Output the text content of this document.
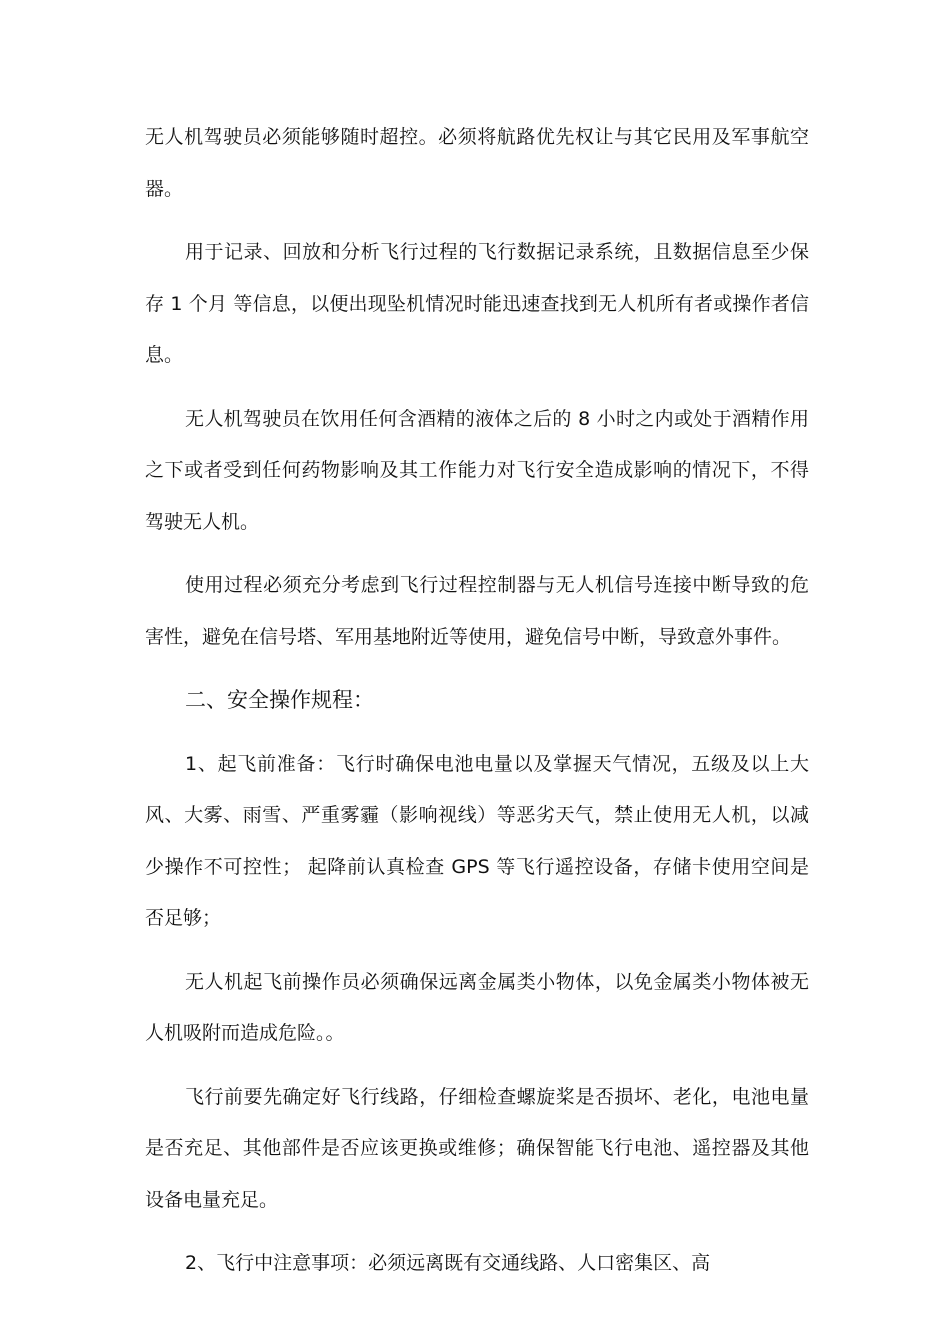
无人机驾驶员必须能够随时超控。必须将航路优先权让与其它民用及军事航空器。

用于记录、回放和分析飞行过程的飞行数据记录系统，且数据信息至少保存 1 个月 等信息，以便出现坠机情况时能迅速查找到无人机所有者或操作者信息。

无人机驾驶员在饮用任何含酒精的液体之后的 8 小时之内或处于酒精作用之下或者受到任何药物影响及其工作能力对飞行安全造成影响的情况下，不得驾驶无人机。

使用过程必须充分考虑到飞行过程控制器与无人机信号连接中断导致的危害性，避免在信号塔、军用基地附近等使用，避免信号中断，导致意外事件。

二、安全操作规程：

1、起飞前准备：飞行时确保电池电量以及掌握天气情况，五级及以上大风、大雾、雨雪、严重雾霾（影响视线）等恶劣天气，禁止使用无人机，以减少操作不可控性； 起降前认真检查 GPS 等飞行遥控设备，存储卡使用空间是否足够；

无人机起飞前操作员必须确保远离金属类小物体，以免金属类小物体被无人机吸附而造成危险。。

飞行前要先确定好飞行线路，仔细检查螺旋桨是否损坏、老化，电池电量是否充足、其他部件是否应该更换或维修；确保智能飞行电池、遥控器及其他设备电量充足。

2、飞行中注意事项：必须远离既有交通线路、人口密集区、高
